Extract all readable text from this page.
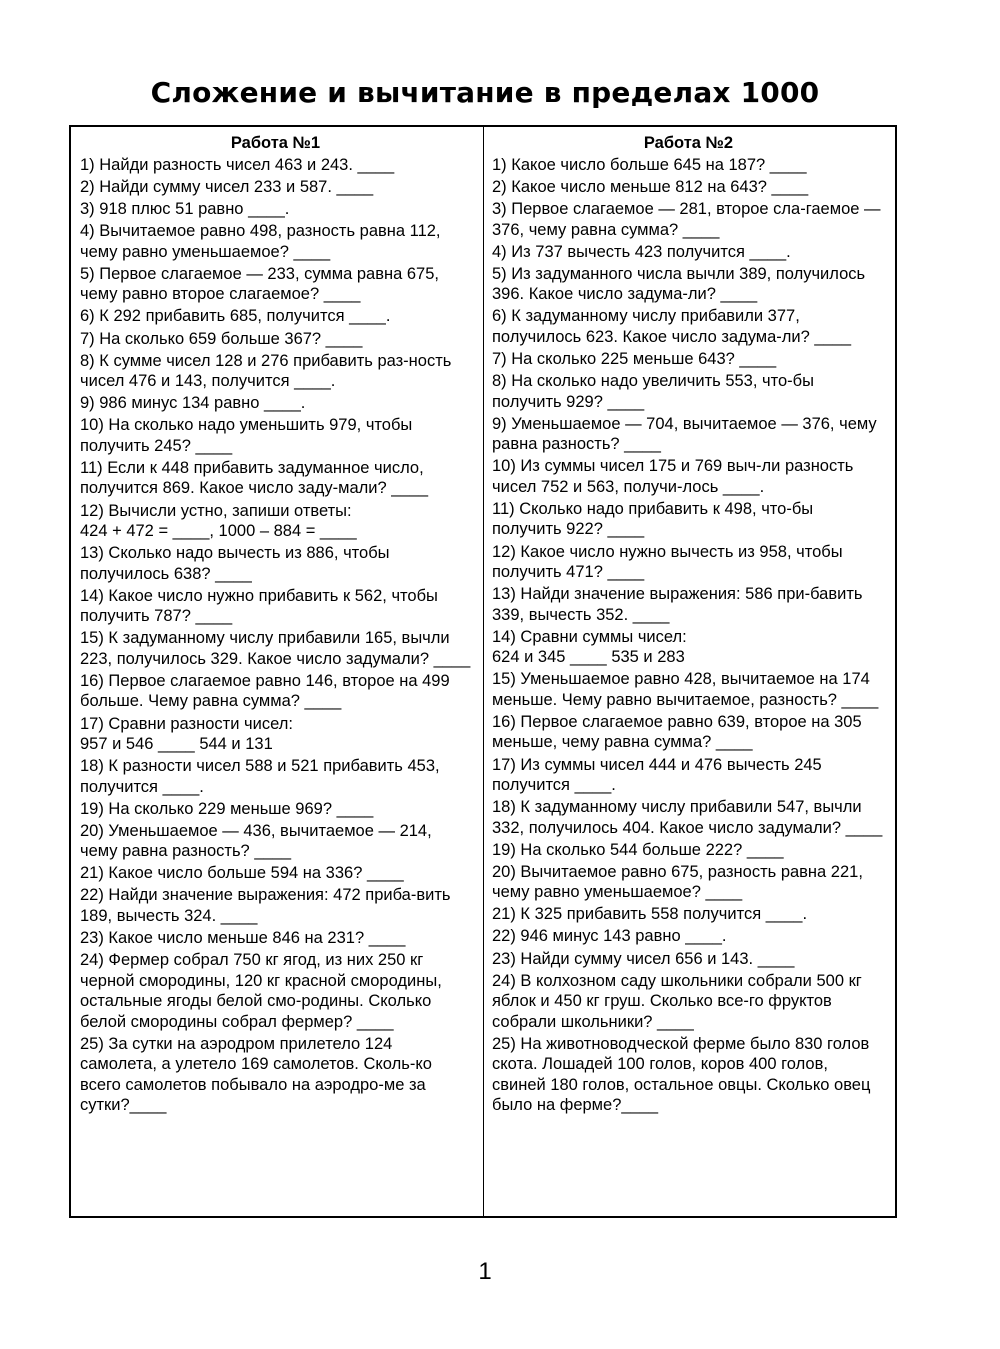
Сложение и вычитание в пределах 1000
Работа №1
1) Найди разность чисел 463 и 243. ____
2) Найди сумму чисел 233 и 587. ____
3) 918 плюс 51 равно ____.
4) Вычитаемое равно 498, разность равна 112, чему равно уменьшаемое? ____
5) Первое слагаемое — 233, сумма равна 675, чему равно второе слагаемое? ____
6) К 292 прибавить 685, получится ____.
7) На сколько 659 больше 367? ____
8) К сумме чисел 128 и 276 прибавить раз-ность чисел 476 и 143, получится ____.
9) 986 минус 134 равно ____.
10) На сколько надо уменьшить 979, чтобы получить 245? ____
11) Если к 448 прибавить задуманное число, получится 869. Какое число заду-мали? ____
12) Вычисли устно, запиши ответы:
424 + 472 = ____, 1000 – 884 = ____
13) Сколько надо вычесть из 886, чтобы получилось 638? ____
14) Какое число нужно прибавить к 562, чтобы получить 787? ____
15) К задуманному числу прибавили 165, вычли 223, получилось 329. Какое число задумали? ____
16) Первое слагаемое равно 146, второе на 499 больше. Чему равна сумма? ____
17) Сравни разности чисел:
957 и 546 ____ 544 и 131
18) К разности чисел 588 и 521 прибавить 453, получится ____.
19) На сколько 229 меньше 969? ____
20) Уменьшаемое — 436, вычитаемое — 214, чему равна разность? ____
21) Какое число больше 594 на 336? ____
22) Найди значение выражения: 472 приба-вить 189, вычесть 324. ____
23) Какое число меньше 846 на 231? ____
24) Фермер собрал 750 кг ягод, из них 250 кг черной смородины, 120 кг красной смородины, остальные ягоды белой смо-родины. Сколько белой смородины собрал фермер? ____
25) За сутки на аэродром прилетело 124 самолета, а улетело 169 самолетов. Сколь-ко всего самолетов побывало на аэродро-ме за сутки?____
Работа №2
1) Какое число больше 645 на 187? ____
2) Какое число меньше 812 на 643? ____
3) Первое слагаемое — 281, второе сла-гаемое — 376, чему равна сумма? ____
4) Из 737 вычесть 423 получится ____.
5) Из задуманного числа вычли 389, получилось 396. Какое число задума-ли? ____
6) К задуманному числу прибавили 377, получилось 623. Какое число задума-ли? ____
7) На сколько 225 меньше 643? ____
8) На сколько надо увеличить 553, что-бы получить 929? ____
9) Уменьшаемое — 704, вычитаемое — 376, чему равна разность? ____
10) Из суммы чисел 175 и 769 выч-ли разность чисел 752 и 563, получи-лось ____.
11) Сколько надо прибавить к 498, что-бы получить 922? ____
12) Какое число нужно вычесть из 958, чтобы получить 471? ____
13) Найди значение выражения: 586 при-бавить 339, вычесть 352. ____
14) Сравни суммы чисел:
624 и 345 ____ 535 и 283
15) Уменьшаемое равно 428, вычитаемое на 174 меньше. Чему равно вычитаемое, разность? ____
16) Первое слагаемое равно 639, второе на 305 меньше, чему равна сумма? ____
17) Из суммы чисел 444 и 476 вычесть 245 получится ____.
18) К задуманному числу прибавили 547, вычли 332, получилось 404. Какое число задумали? ____
19) На сколько 544 больше 222? ____
20) Вычитаемое равно 675, разность равна 221, чему равно уменьшаемое? ____
21) К 325 прибавить 558 получится ____.
22) 946 минус 143 равно ____.
23) Найди сумму чисел 656 и 143. ____
24) В колхозном саду школьники собрали 500 кг яблок и 450 кг груш. Сколько все-го фруктов собрали школьники? ____
25) На животноводческой ферме было 830 голов скота. Лошадей 100 голов, коров 400 голов, свиней 180 голов, остальное овцы. Сколько овец было на ферме?____
1
